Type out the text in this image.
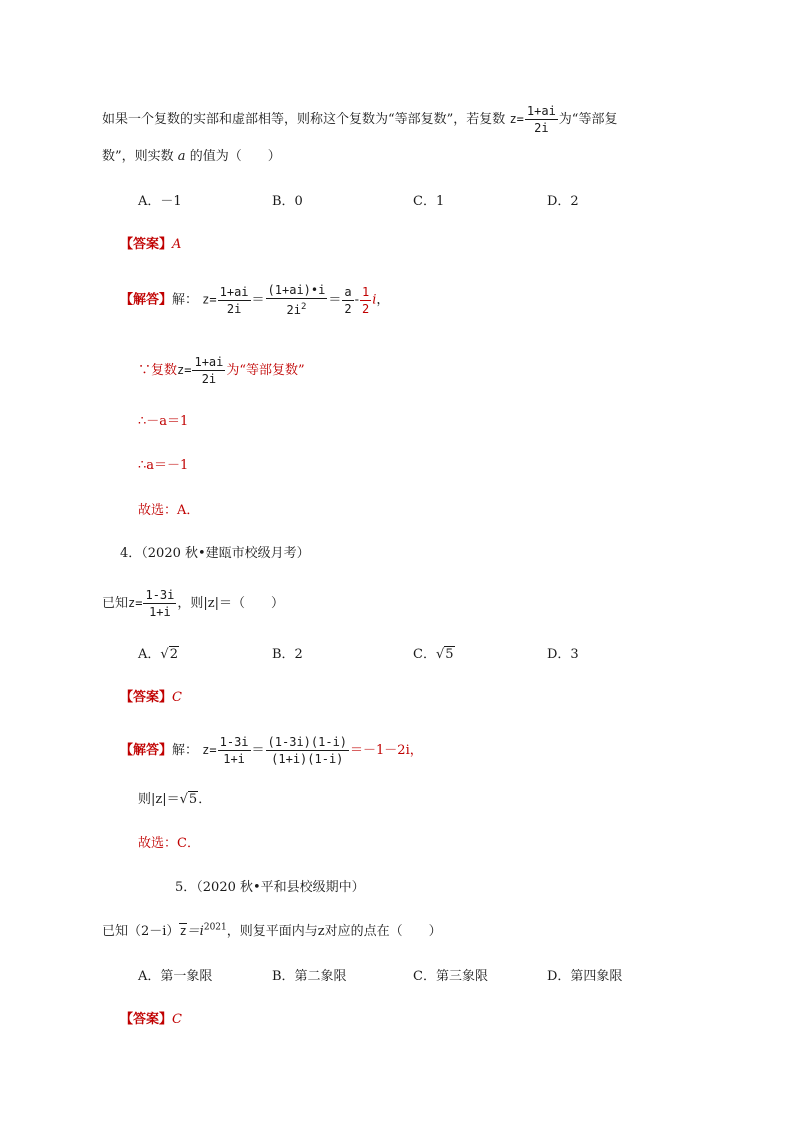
如果一个复数的实部和虚部相等，则称这个复数为“等部复数”，若复数 $z= \frac{1+ai}{2i}$ 为“等部复
数”，则实数 a 的值为（　　）
A．－1	B．0	C．1	D．2
【答案】A
【解答】解： $z= \frac{1+ai}{2i} = \frac{(1+ai)•i}{2i^2} = \frac{a}{2} - \frac{1}{2}$ i，
∵复数$z= \frac{1+ai}{2i}$ 为“等部复数”
∴－a＝1
∴a＝－1
故选：A．
4．（2020 秋•建瓯市校级月考）
已知$z= \frac{1-3i}{1+i}$ ，则|z|＝（　　）
A．√2	B．2	C．√5	D．3
【答案】C
【解答】解： $z= \frac{1-3i}{1+i} = \frac{(1-3i)(1-i)}{(1+i)(1-i)} =-1-2i$，
则|z|＝√5．
故选：C．
5．（2020 秋•平和县校级期中）
已知$(2-i)z=i^{2021}$，则复平面内与z对应的点在（　　）
A．第一象限	B．第二象限	C．第三象限	D．第四象限
【答案】C
